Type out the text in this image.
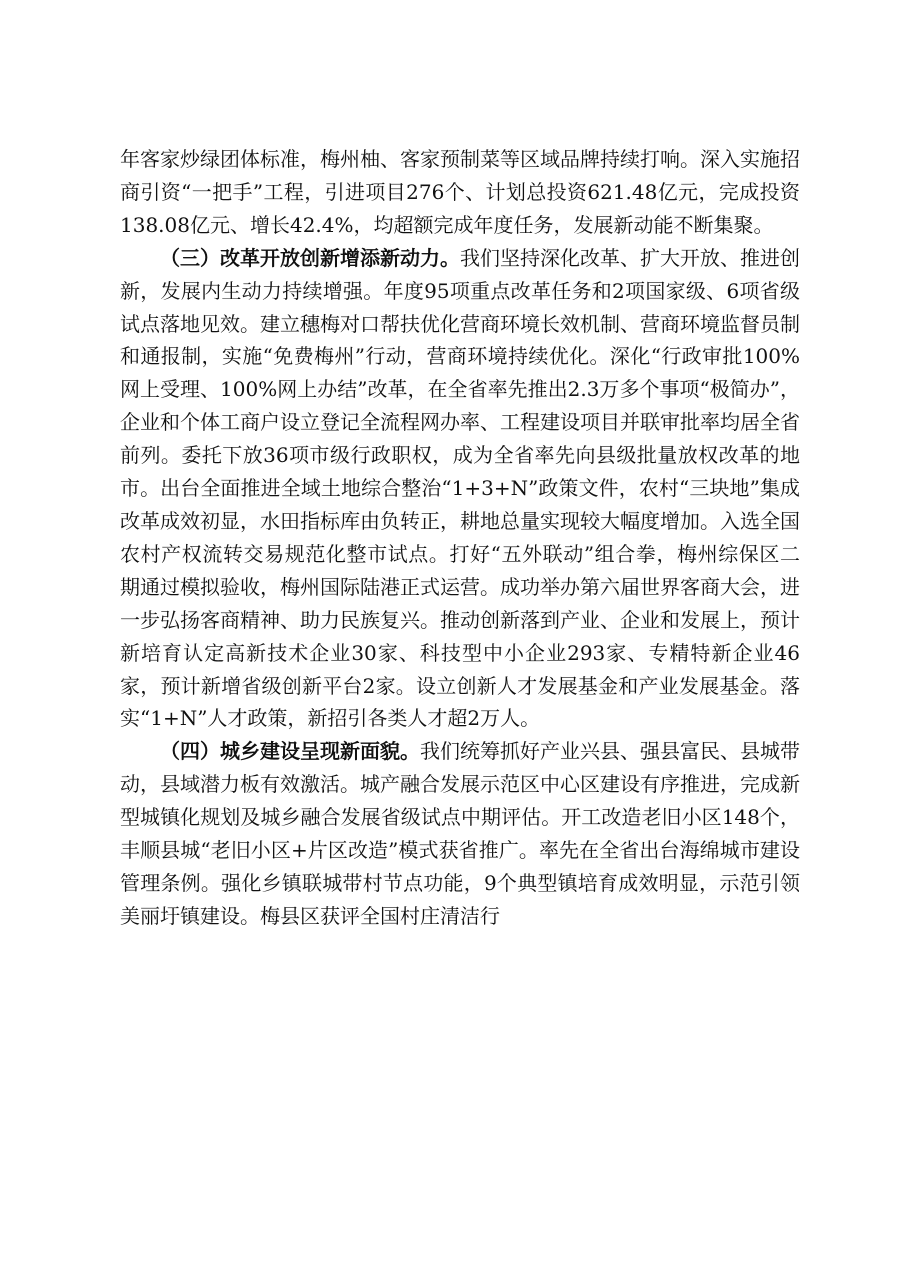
年客家炒绿团体标准，梅州柚、客家预制菜等区域品牌持续打响。深入实施招商引资“一把手”工程，引进项目276个、计划总投资621.48亿元，完成投资138.08亿元、增长42.4%，均超额完成年度任务，发展新动能不断集聚。

（三）改革开放创新增添新动力。我们坚持深化改革、扩大开放、推进创新，发展内生动力持续增强。年度95项重点改革任务和2项国家级、6项省级试点落地见效。建立穗梅对口帮扶优化营商环境长效机制、营商环境监督员制和通报制，实施“免费梅州”行动，营商环境持续优化。深化“行政审批100%网上受理、100%网上办结”改革，在全省率先推出2.3万多个事项“极简办”，企业和个体工商户设立登记全流程网办率、工程建设项目并联审批率均居全省前列。委托下放36项市级行政职权，成为全省率先向县级批量放权改革的地市。出台全面推进全域土地综合整治“1+3+N”政策文件，农村“三块地”集成改革成效初显，水田指标库由负转正，耕地总量实现较大幅度增加。入选全国农村产权流转交易规范化整市试点。打好“五外联动”组合拳，梅州综保区二期通过模拟验收，梅州国际陆港正式运营。成功举办第六届世界客商大会，进一步弘扬客商精神、助力民族复兴。推动创新落到产业、企业和发展上，预计新培育认定高新技术企业30家、科技型中小企业293家、专精特新企业46家，预计新增省级创新平台2家。设立创新人才发展基金和产业发展基金。落实“1+N”人才政策，新招引各类人才超2万人。

（四）城乡建设呈现新面貌。我们统筹抓好产业兴县、强县富民、县城带动，县域潜力板有效激活。城产融合发展示范区中心区建设有序推进，完成新型城镇化规划及城乡融合发展省级试点中期评估。开工改造老旧小区148个，丰顺县城“老旧小区+片区改造”模式获省推广。率先在全省出台海绵城市建设管理条例。强化乡镇联城带村节点功能，9个典型镇培育成效明显，示范引领美丽圩镇建设。梅县区获评全国村庄清洁行
